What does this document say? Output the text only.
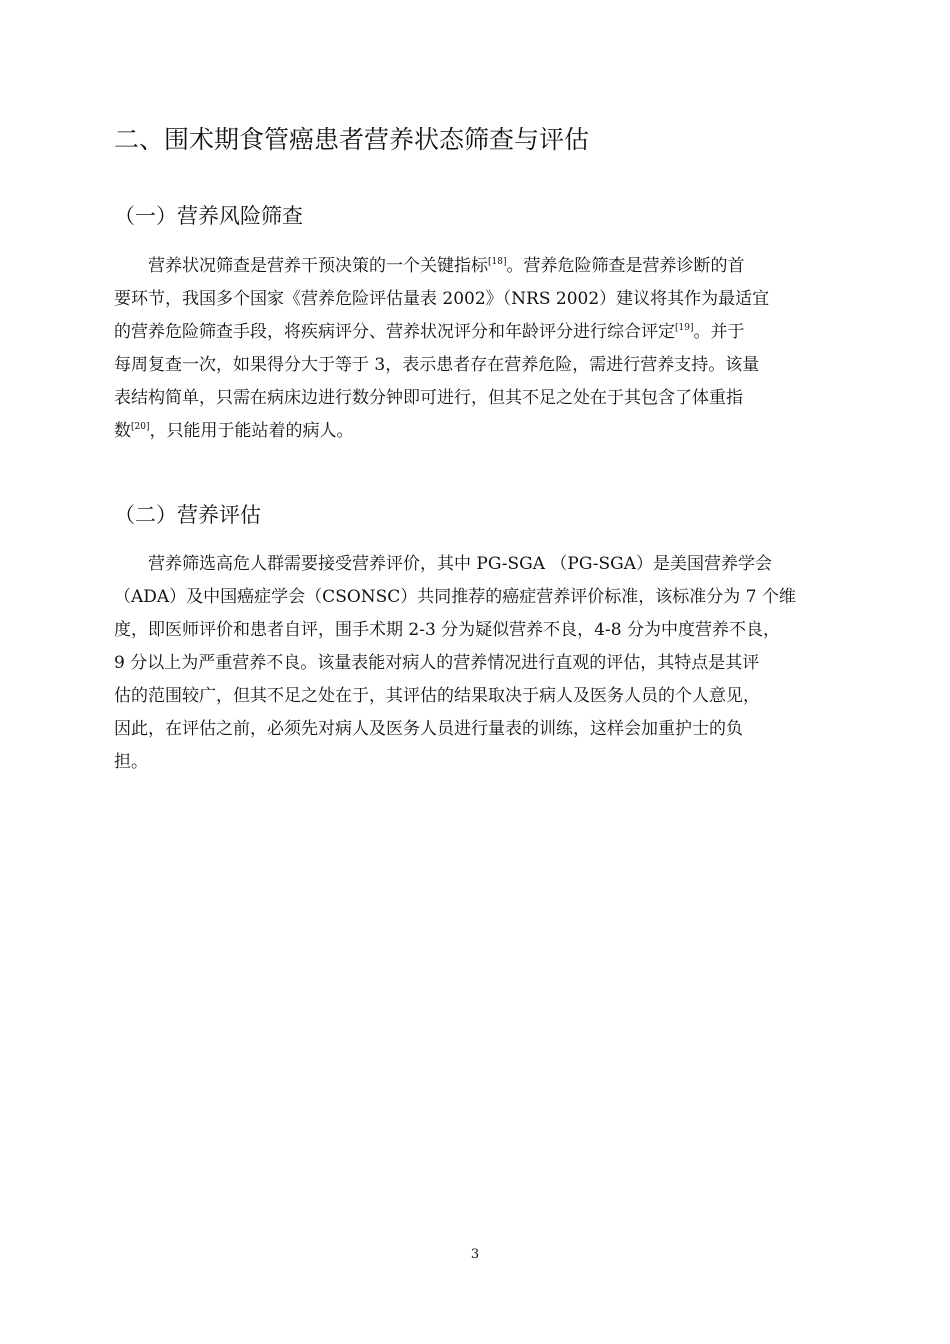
二、围术期食管癌患者营养状态筛查与评估
（一）营养风险筛查
营养状况筛查是营养干预决策的一个关键指标[18]。营养危险筛查是营养诊断的首
要环节，我国多个国家《营养危险评估量表 2002》（NRS 2002）建议将其作为最适宜
的营养危险筛查手段，将疾病评分、营养状况评分和年龄评分进行综合评定[19]。并于
每周复查一次，如果得分大于等于 3，表示患者存在营养危险，需进行营养支持。该量
表结构简单，只需在病床边进行数分钟即可进行，但其不足之处在于其包含了体重指
数[20]，只能用于能站着的病人。
（二）营养评估
营养筛选高危人群需要接受营养评价，其中 PG-SGA （PG-SGA）是美国营养学会
（ADA）及中国癌症学会（CSONSC）共同推荐的癌症营养评价标准，该标准分为 7 个维
度，即医师评价和患者自评，围手术期 2-3 分为疑似营养不良，4-8 分为中度营养不良，
9 分以上为严重营养不良。该量表能对病人的营养情况进行直观的评估，其特点是其评
估的范围较广，但其不足之处在于，其评估的结果取决于病人及医务人员的个人意见，
因此，在评估之前，必须先对病人及医务人员进行量表的训练，这样会加重护士的负
担。
3
